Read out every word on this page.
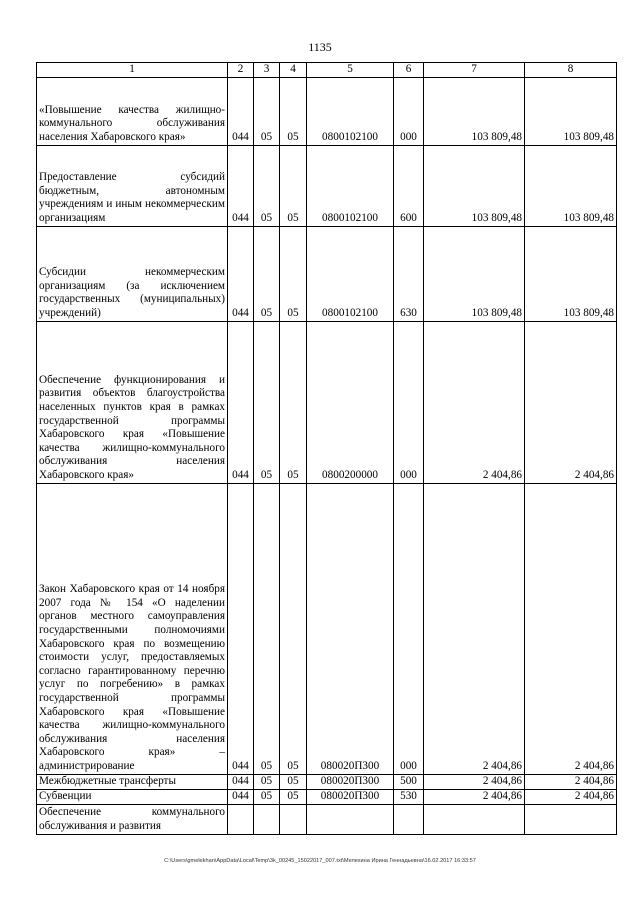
1135
1	2	3	4	5	6	7	8
«Повышение качества жилищно-коммунального обслуживания населения Хабаровского края»	044	05	05	0800102100	000	103 809,48	103 809,48
Предоставление субсидий бюджетным, автономным учреждениям и иным некоммерческим организациям	044	05	05	0800102100	600	103 809,48	103 809,48
Субсидии некоммерческим организациям (за исключением государственных (муниципальных) учреждений)	044	05	05	0800102100	630	103 809,48	103 809,48
Обеспечение функционирования и развития объектов благоустройства населенных пунктов края в рамках государственной программы Хабаровского края «Повышение качества жилищно-коммунального обслуживания населения Хабаровского края»	044	05	05	0800200000	000	2 404,86	2 404,86
Закон Хабаровского края от 14 ноября 2007 года № 154 «О наделении органов местного самоуправления государственными полномочиями Хабаровского края по возмещению стоимости услуг, предоставляемых согласно гарантированному перечню услуг по погребению» в рамках государственной программы Хабаровского края «Повышение качества жилищно-коммунального обслуживания населения Хабаровского края» – администрирование	044	05	05	080020П300	000	2 404,86	2 404,86
Межбюджетные трансферты	044	05	05	080020П300	500	2 404,86	2 404,86
Субвенции	044	05	05	080020П300	530	2 404,86	2 404,86
Обеспечение коммунального обслуживания и развития							
C:\Users\gmelekhan\AppData\Local\Temp\3k_00245_15022017_007.txt\Мелехина Ирина Геннадьевна\16.02.2017 16:33:57
